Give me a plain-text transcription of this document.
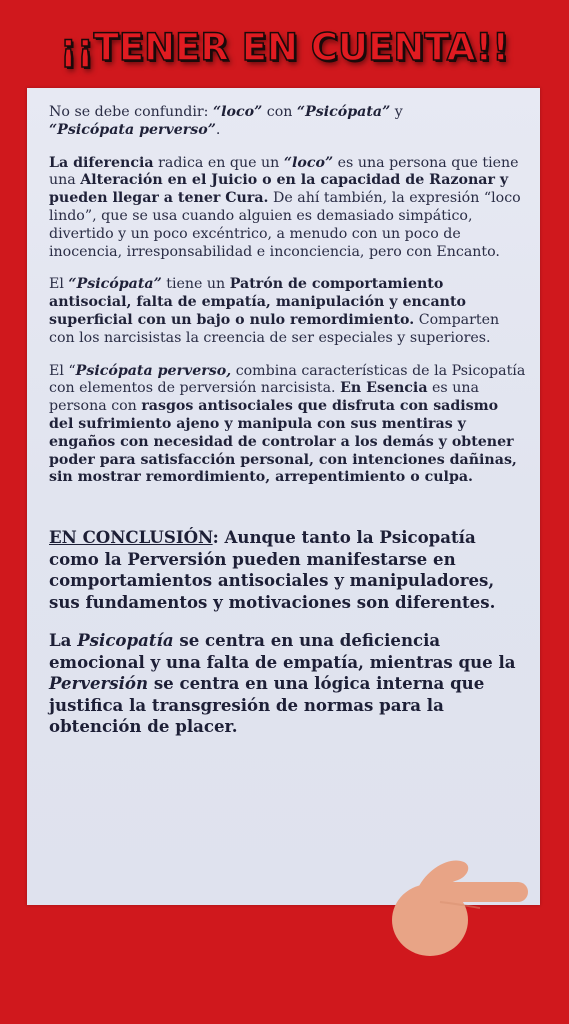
¡¡TENER EN CUENTA!!

No se debe confundir: “loco” con “Psicópata” y
“Psicópata perverso”.

La diferencia radica en que un “loco” es una persona que tiene una Alteración en el Juicio o en la capacidad de Razonar y pueden llegar a tener Cura. De ahí también, la expresión “loco lindo”, que se usa cuando alguien es demasiado simpático, divertido y un poco excéntrico, a menudo con un poco de inocencia, irresponsabilidad e inconciencia, pero con Encanto.

El “Psicópata” tiene un Patrón de comportamiento antisocial, falta de empatía, manipulación y encanto superficial con un bajo o nulo remordimiento. Comparten con los narcisistas la creencia de ser especiales y superiores.

El “Psicópata perverso, combina características de la Psicopatía con elementos de perversión narcisista. En Esencia es una persona con rasgos antisociales que disfruta con sadismo del sufrimiento ajeno y manipula con sus mentiras y engaños con necesidad de controlar a los demás y obtener poder para satisfacción personal, con intenciones dañinas, sin mostrar remordimiento, arrepentimiento o culpa.

EN CONCLUSIÓN: Aunque tanto la Psicopatía como la Perversión pueden manifestarse en comportamientos antisociales y manipuladores, sus fundamentos y motivaciones son diferentes.

La Psicopatía se centra en una deficiencia emocional y una falta de empatía, mientras que la Perversión se centra en una lógica interna que justifica la transgresión de normas para la obtención de placer.
